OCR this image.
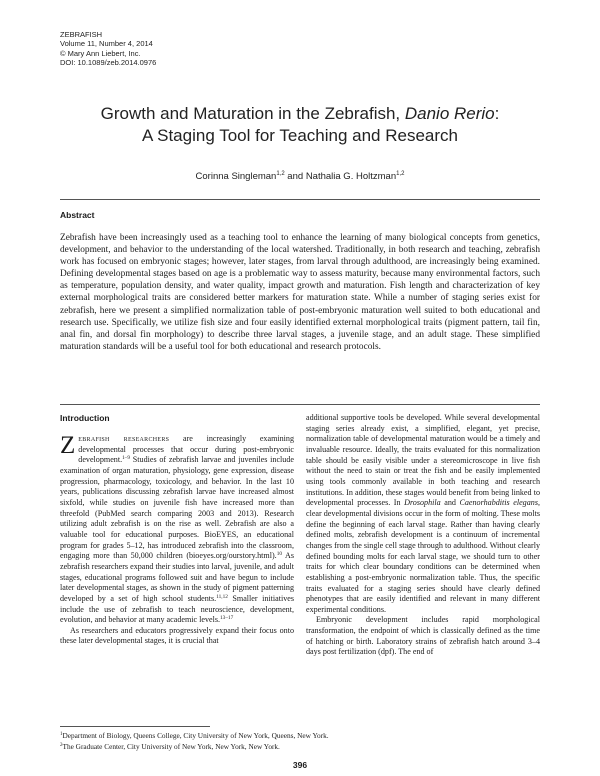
ZEBRAFISH
Volume 11, Number 4, 2014
© Mary Ann Liebert, Inc.
DOI: 10.1089/zeb.2014.0976
Growth and Maturation in the Zebrafish, Danio Rerio:
A Staging Tool for Teaching and Research
Corinna Singleman$^{1,2}$ and Nathalia G. Holtzman$^{1,2}$
Abstract

Zebrafish have been increasingly used as a teaching tool to enhance the learning of many biological concepts from genetics, development, and behavior to the understanding of the local watershed. Traditionally, in both research and teaching, zebrafish work has focused on embryonic stages; however, later stages, from larval through adulthood, are increasingly being examined. Defining developmental stages based on age is a problematic way to assess maturity, because many environmental factors, such as temperature, population density, and water quality, impact growth and maturation. Fish length and characterization of key external morphological traits are considered better markers for maturation state. While a number of staging series exist for zebrafish, here we present a simplified normalization table of post-embryonic maturation well suited to both educational and research use. Specifically, we utilize fish size and four easily identified external morphological traits (pigment pattern, tail fin, anal fin, and dorsal fin morphology) to describe three larval stages, a juvenile stage, and an adult stage. These simplified maturation standards will be a useful tool for both educational and research protocols.

Introduction

Zebrafish researchers are increasingly examining developmental processes that occur during post-embryonic development.$^{1-9}$ Studies of zebrafish larvae and juveniles include examination of organ maturation, physiology, gene expression, disease progression, pharmacology, toxicology, and behavior. In the last 10 years, publications discussing zebrafish larvae have increased almost sixfold, while studies on juvenile fish have increased more than threefold (PubMed search comparing 2003 and 2013). Research utilizing adult zebrafish is on the rise as well. Zebrafish are also a valuable tool for educational purposes. BioEYES, an educational program for grades 5–12, has introduced zebrafish into the classroom, engaging more than 50,000 children (bioeyes.org/ourstory.html).$^{10}$ As zebrafish researchers expand their studies into larval, juvenile, and adult stages, educational programs followed suit and have begun to include later developmental stages, as shown in the study of pigment patterning developed by a set of high school students.$^{11,12}$ Smaller initiatives include the use of zebrafish to teach neuroscience, development, evolution, and behavior at many academic levels.$^{13-17}$

As researchers and educators progressively expand their focus onto these later developmental stages, it is crucial that

additional supportive tools be developed. While several developmental staging series already exist, a simplified, elegant, yet precise, normalization table of developmental maturation would be a timely and invaluable resource. Ideally, the traits evaluated for this normalization table should be easily visible under a stereomicroscope in live fish without the need to stain or treat the fish and be easily implemented using tools commonly available in both teaching and research institutions. In addition, these stages would benefit from being linked to developmental processes. In Drosophila and Caenorhabditis elegans, clear developmental divisions occur in the form of molting. These molts define the beginning of each larval stage. Rather than having clearly defined molts, zebrafish development is a continuum of incremental changes from the single cell stage through to adulthood. Without clearly defined bounding molts for each larval stage, we should turn to other traits for which clear boundary conditions can be determined when establishing a post-embryonic normalization table. Thus, the specific traits evaluated for a staging series should have clearly defined phenotypes that are easily identified and relevant in many different experimental conditions.

Embryonic development includes rapid morphological transformation, the endpoint of which is classically defined as the time of hatching or birth. Laboratory strains of zebrafish hatch around 3–4 days post fertilization (dpf). The end of

$^1$Department of Biology, Queens College, City University of New York, Queens, New York.
$^2$The Graduate Center, City University of New York, New York, New York.
396
